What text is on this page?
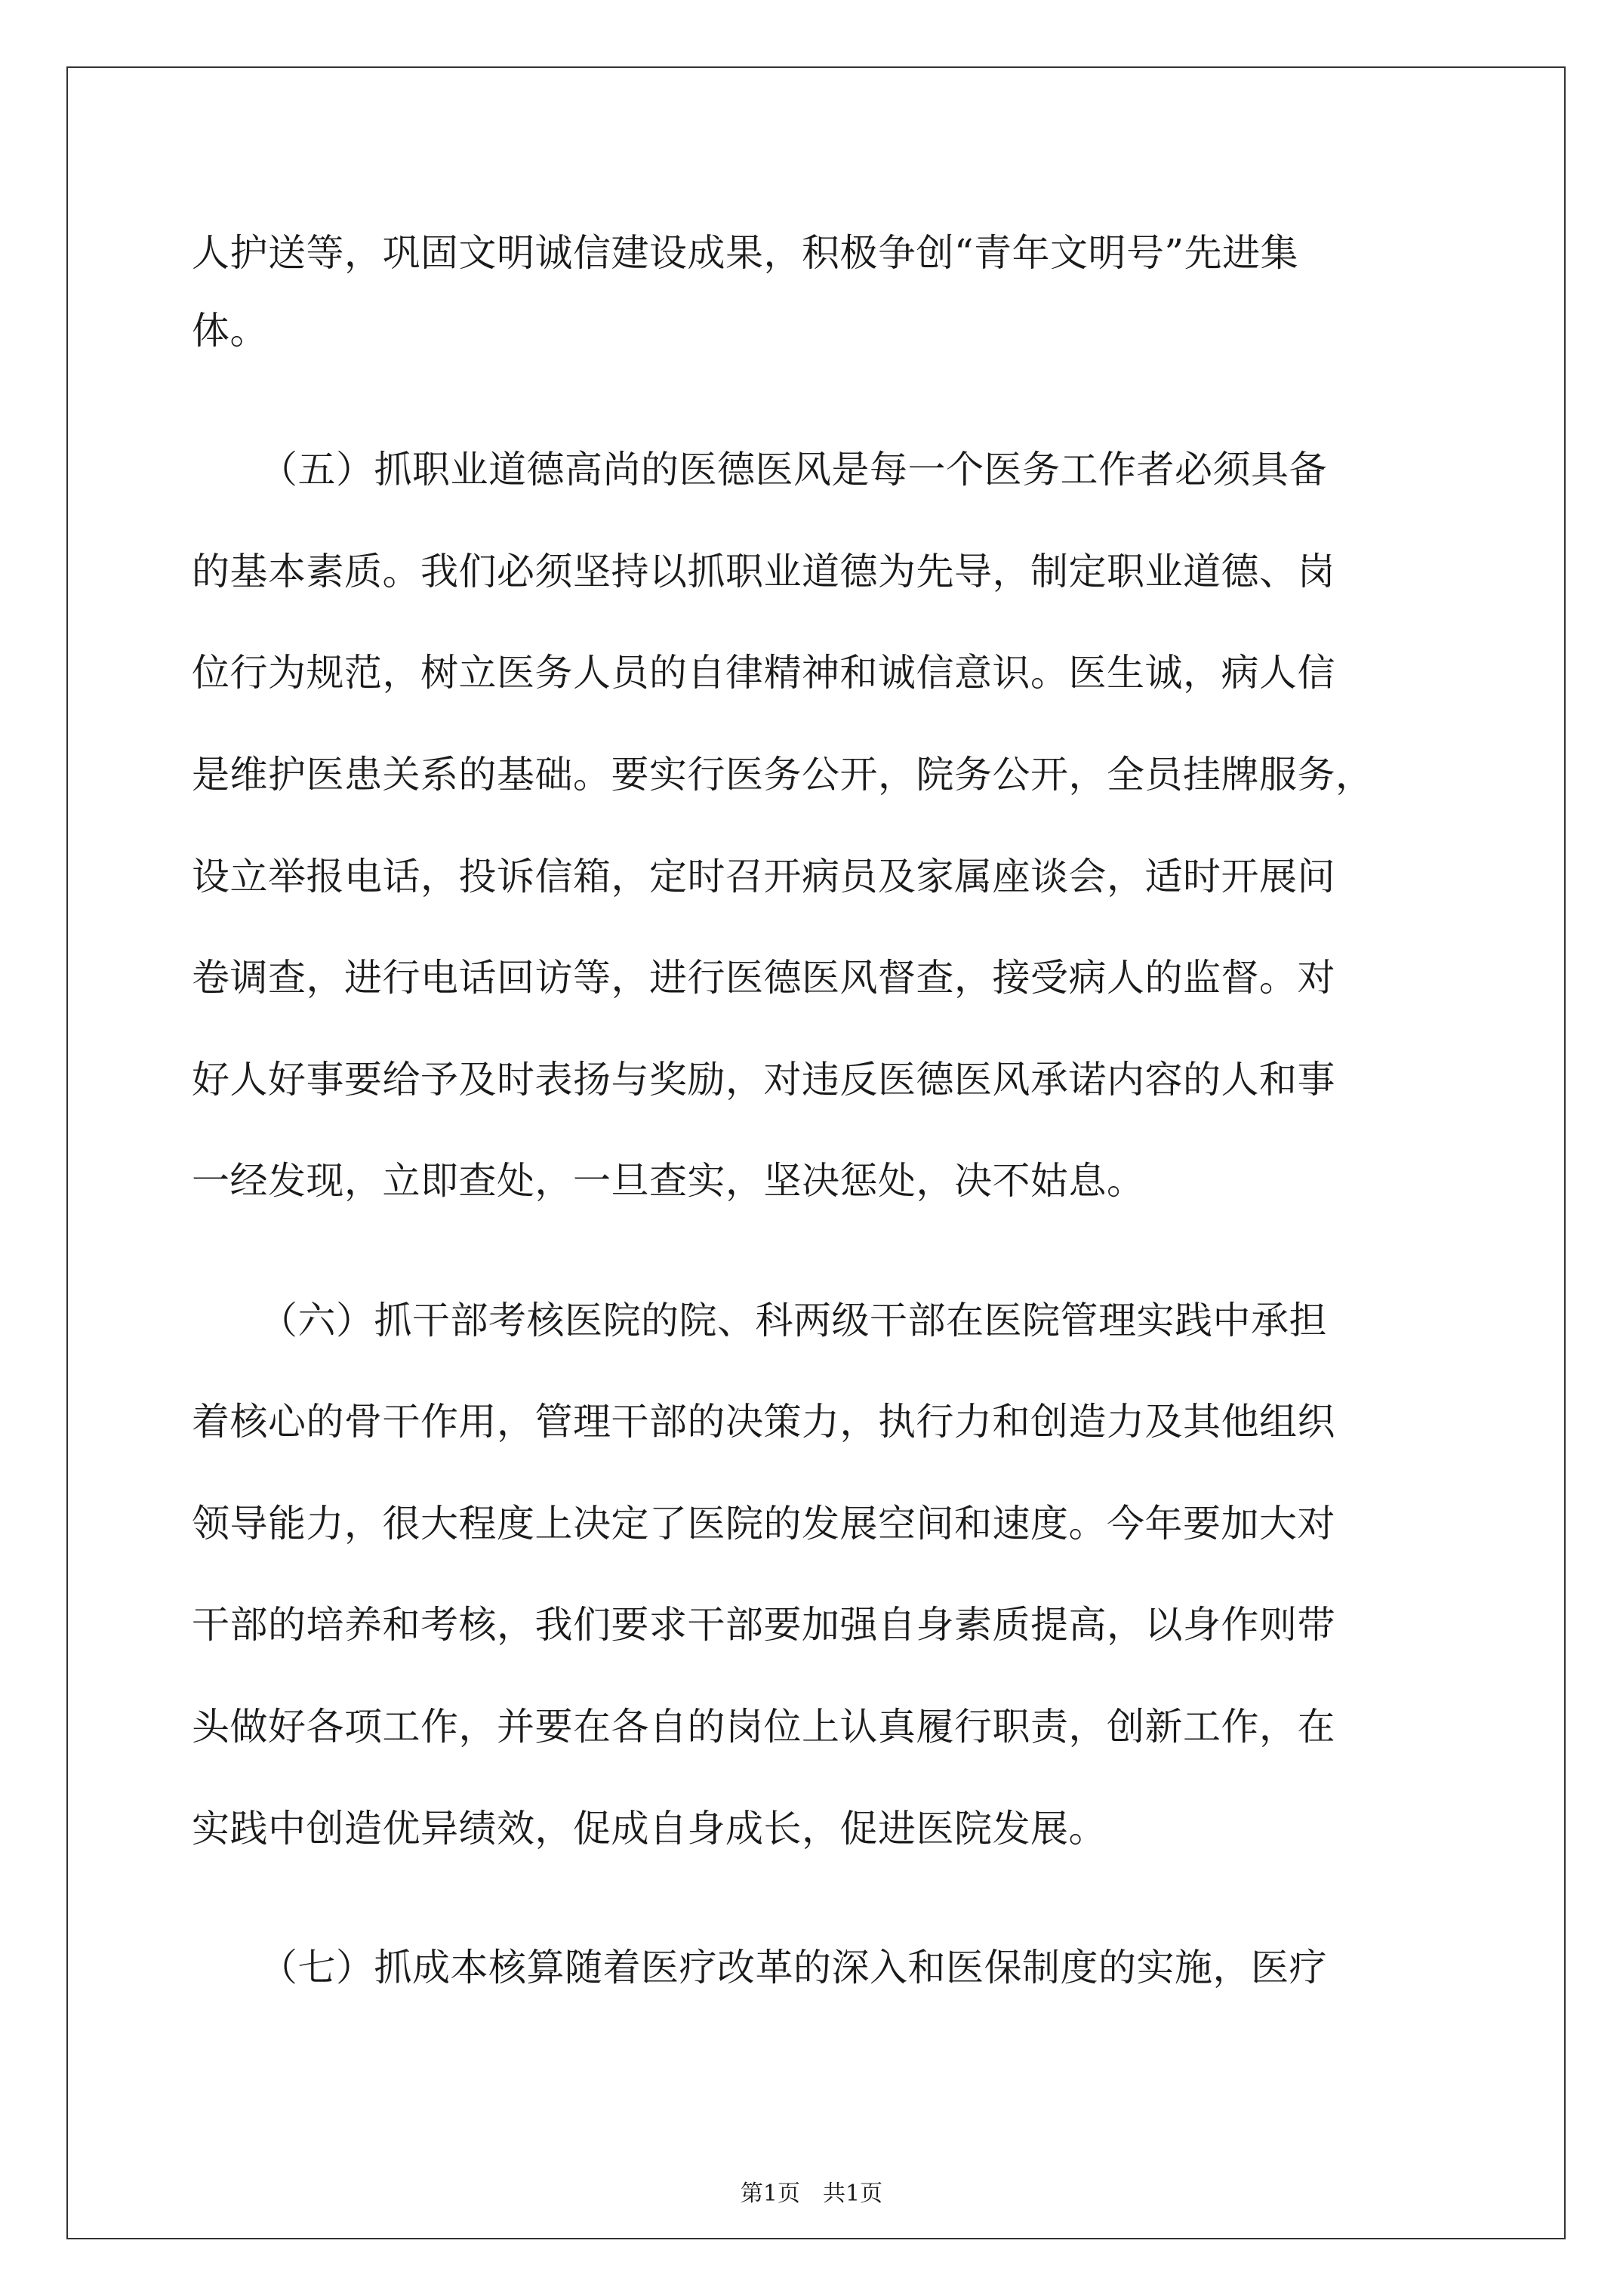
人护送等，巩固文明诚信建设成果，积极争创“青年文明号”先进集
体。
（五）抓职业道德高尚的医德医风是每一个医务工作者必须具备
的基本素质。我们必须坚持以抓职业道德为先导，制定职业道德、岗
位行为规范，树立医务人员的自律精神和诚信意识。医生诚，病人信
是维护医患关系的基础。要实行医务公开，院务公开，全员挂牌服务，
设立举报电话，投诉信箱，定时召开病员及家属座谈会，适时开展问
卷调查，进行电话回访等，进行医德医风督查，接受病人的监督。对
好人好事要给予及时表扬与奖励，对违反医德医风承诺内容的人和事
一经发现，立即查处，一旦查实，坚决惩处，决不姑息。
（六）抓干部考核医院的院、科两级干部在医院管理实践中承担
着核心的骨干作用，管理干部的决策力，执行力和创造力及其他组织
领导能力，很大程度上决定了医院的发展空间和速度。今年要加大对
干部的培养和考核，我们要求干部要加强自身素质提高，以身作则带
头做好各项工作，并要在各自的岗位上认真履行职责，创新工作，在
实践中创造优异绩效，促成自身成长，促进医院发展。
（七）抓成本核算随着医疗改革的深入和医保制度的实施，医疗
第1页　共1页
